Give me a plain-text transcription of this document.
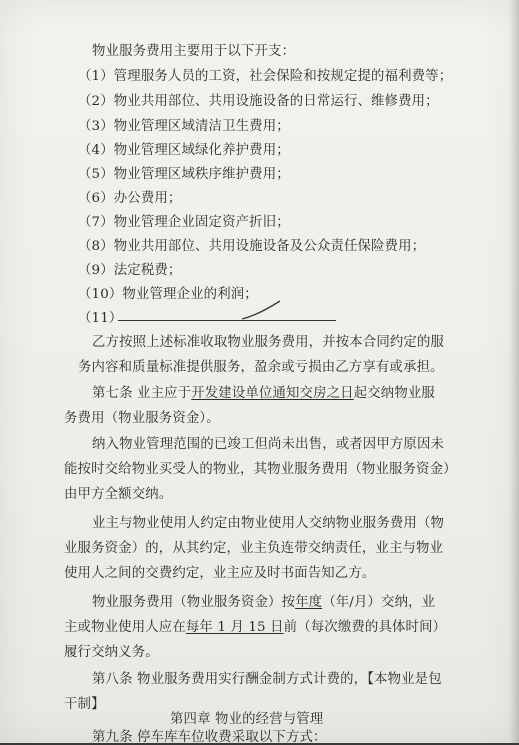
物业服务费用主要用于以下开支：
（1）管理服务人员的工资，社会保险和按规定提的福利费等；
（2）物业共用部位、共用设施设备的日常运行、维修费用；
（3）物业管理区域清洁卫生费用；
（4）物业管理区域绿化养护费用；
（5）物业管理区域秩序维护费用；
（6）办公费用；
（7）物业管理企业固定资产折旧；
（8）物业共用部位、共用设施设备及公众责任保险费用；
（9）法定税费；
（10）物业管理企业的利润；
（11）
乙方按照上述标准收取物业服务费用，并按本合同约定的服
务内容和质量标准提供服务，盈余或亏损由乙方享有或承担。
第七条 业主应于开发建设单位通知交房之日起交纳物业服
务费用（物业服务资金）。
纳入物业管理范围的已竣工但尚未出售，或者因甲方原因未
能按时交给物业买受人的物业，其物业服务费用（物业服务资金）
由甲方全额交纳。
业主与物业使用人约定由物业使用人交纳物业服务费用（物
业服务资金）的，从其约定，业主负连带交纳责任，业主与物业
使用人之间的交费约定，业主应及时书面告知乙方。
物业服务费用（物业服务资金）按年度（年/月）交纳，业
主或物业使用人应在每年 1 月 15 日前（每次缴费的具体时间）
履行交纳义务。
第八条 物业服务费用实行酬金制方式计费的，【本物业是包
干制】
第四章 物业的经营与管理
第九条 停车库车位收费采取以下方式：
